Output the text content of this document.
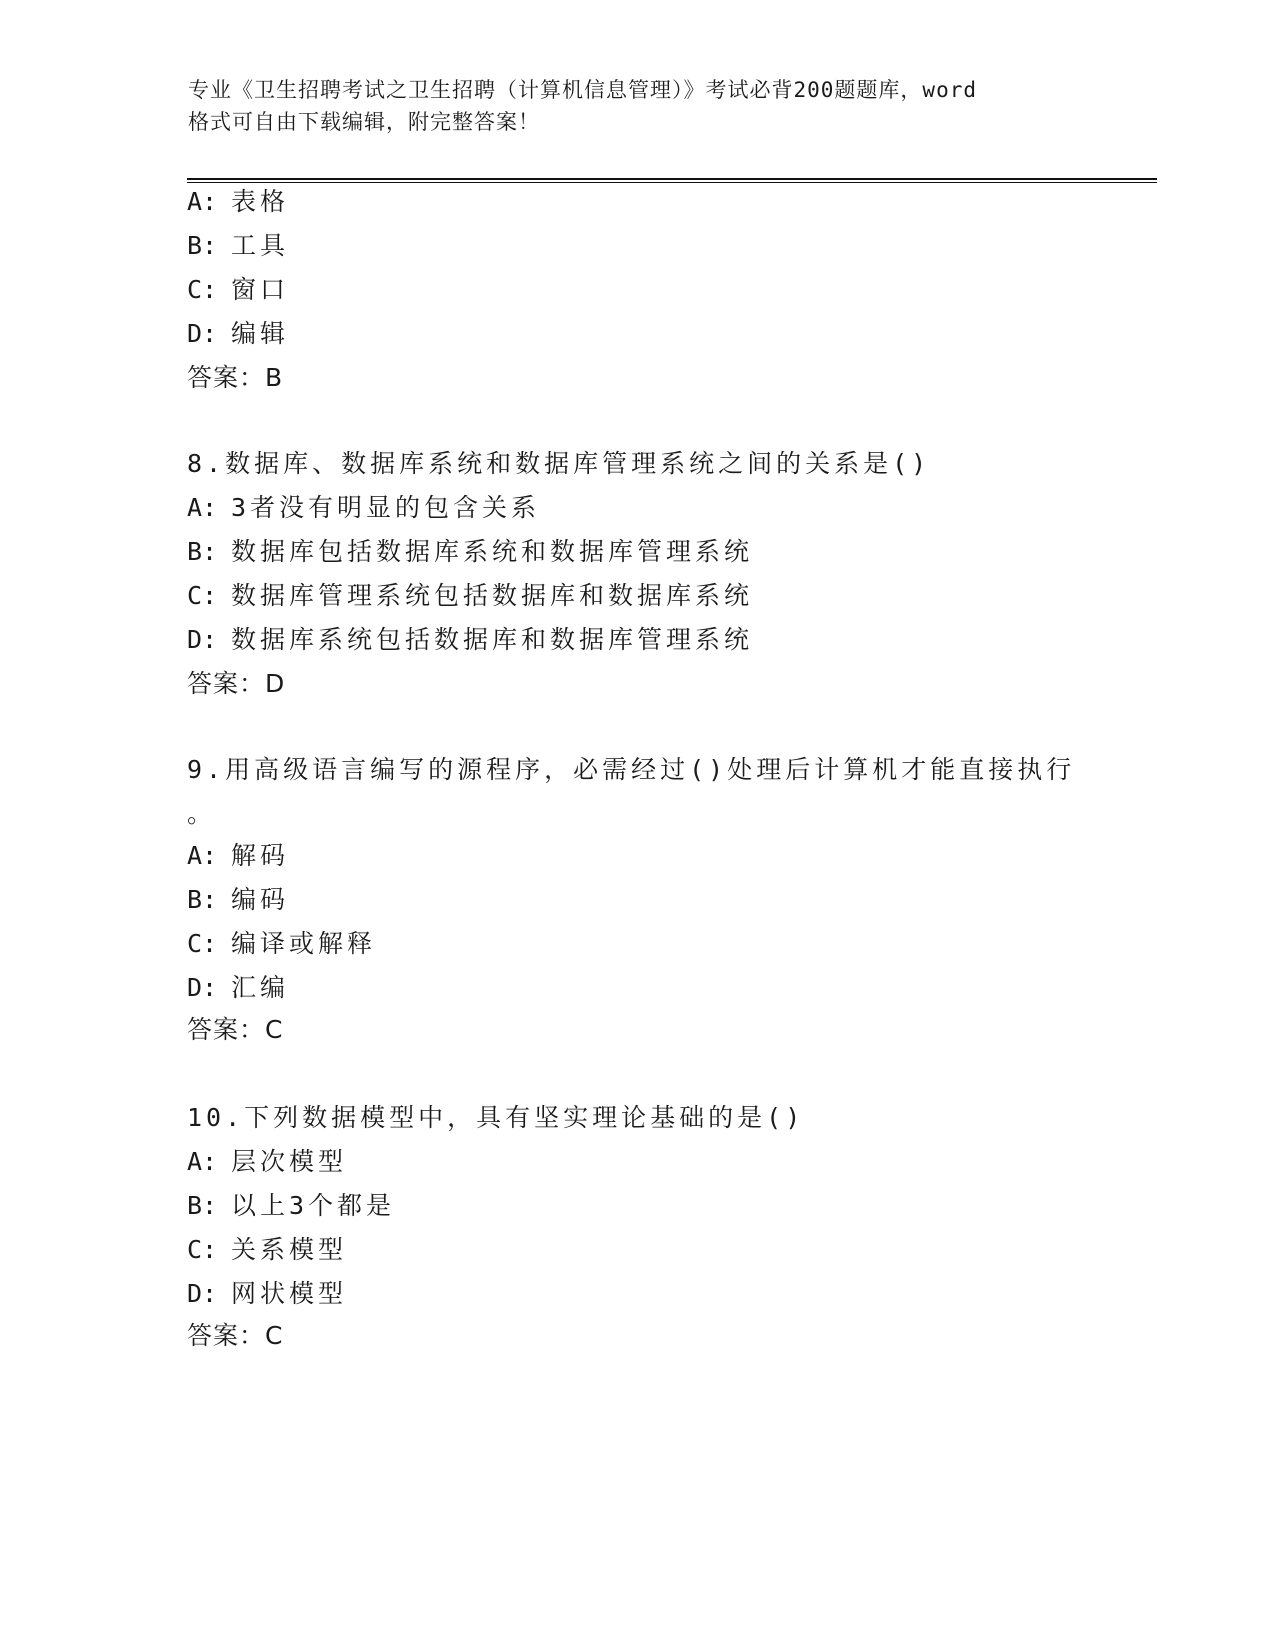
专业《卫生招聘考试之卫生招聘（计算机信息管理）》考试必背200题题库，word
格式可自由下载编辑，附完整答案！
A: 表格
B: 工具
C: 窗口
D: 编辑
答案：B
8.数据库、数据库系统和数据库管理系统之间的关系是()
A: 3者没有明显的包含关系
B: 数据库包括数据库系统和数据库管理系统
C: 数据库管理系统包括数据库和数据库系统
D: 数据库系统包括数据库和数据库管理系统
答案：D
9.用高级语言编写的源程序，必需经过()处理后计算机才能直接执行
。
A: 解码
B: 编码
C: 编译或解释
D: 汇编
答案：C
10.下列数据模型中，具有坚实理论基础的是()
A: 层次模型
B: 以上3个都是
C: 关系模型
D: 网状模型
答案：C
